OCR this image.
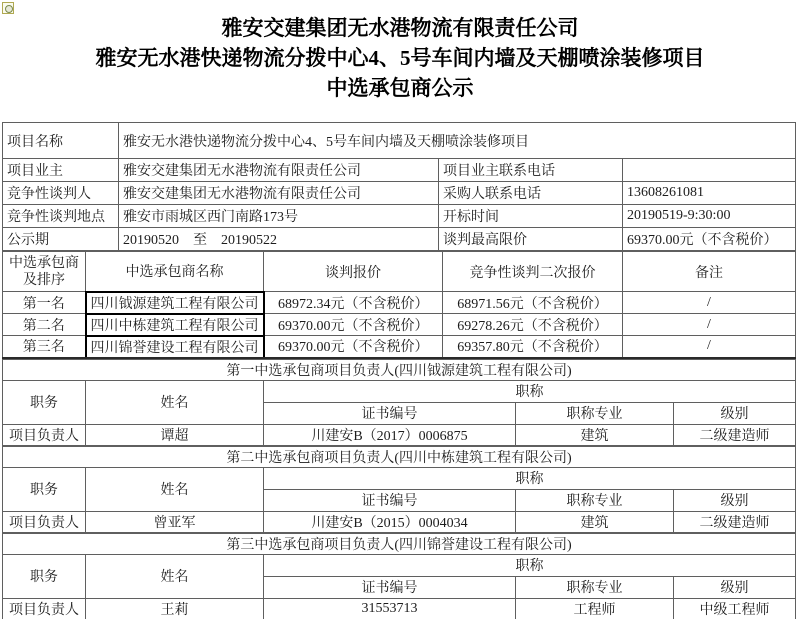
雅安交建集团无水港物流有限责任公司
雅安无水港快递物流分拨中心4、5号车间内墙及天棚喷涂装修项目
中选承包商公示
项目名称	雅安无水港快递物流分拨中心4、5号车间内墙及天棚喷涂装修项目		
项目业主	雅安交建集团无水港物流有限责任公司	项目业主联系电话	
竞争性谈判人	雅安交建集团无水港物流有限责任公司	采购人联系电话	13608261081
竞争性谈判地点	雅安市雨城区西门南路173号	开标时间	20190519-9:30:00
公示期	20190520　至　20190522	谈判最高限价	69370.00元（不含税价）
中选承包商及排序	中选承包商名称	谈判报价	竞争性谈判二次报价	备注
第一名	四川钺源建筑工程有限公司	68972.34元（不含税价）	68971.56元（不含税价）	/
第二名	四川中栋建筑工程有限公司	69370.00元（不含税价）	69278.26元（不含税价）	/
第三名	四川锦誉建设工程有限公司	69370.00元（不含税价）	69357.80元（不含税价）	/
第一中选承包商项目负责人(四川钺源建筑工程有限公司)				
职务	姓名	职称		
		证书编号	职称专业	级别
项目负责人	谭超	川建安B（2017）0006875	建筑	二级建造师
第二中选承包商项目负责人(四川中栋建筑工程有限公司)				
职务	姓名	职称		
		证书编号	职称专业	级别
项目负责人	曾亚军	川建安B（2015）0004034	建筑	二级建造师
第三中选承包商项目负责人(四川锦誉建设工程有限公司)				
职务	姓名	职称		
		证书编号	职称专业	级别
项目负责人	王莉	31553713	工程师	中级工程师
